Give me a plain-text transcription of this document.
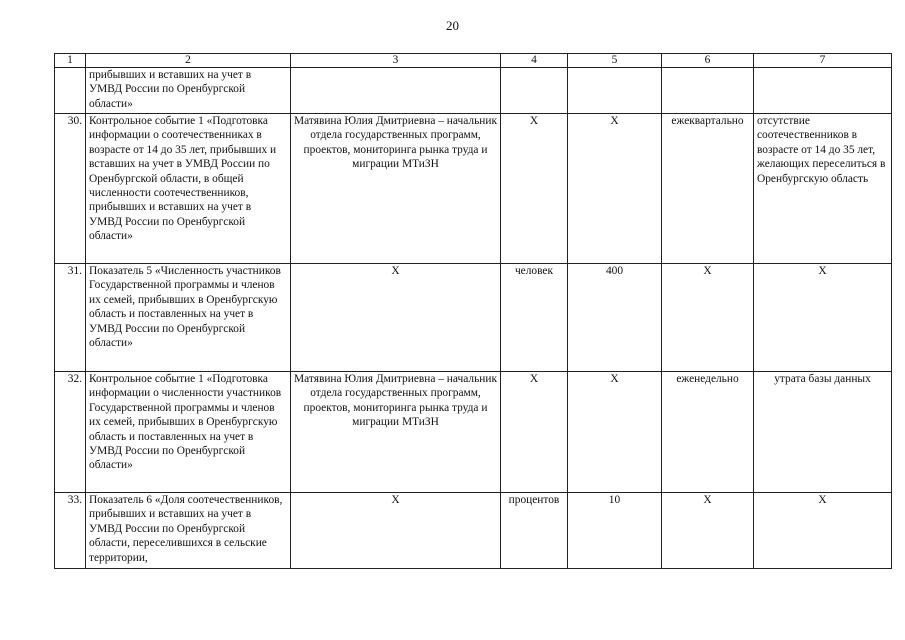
20
1	2	3	4	5	6	7
	прибывших и вставших на учет в УМВД России по Оренбургской области»					
30.	Контрольное событие 1 «Подготовка информации о соотечественниках в возрасте от 14 до 35 лет, прибывших и вставших на учет в УМВД России по Оренбургской области, в общей численности соотечественников, прибывших и вставших на учет в УМВД России по Оренбургской области»	Матявина Юлия Дмитриевна – начальник отдела государственных программ, проектов, мониторинга рынка труда и миграции МТиЗН	Х	Х	ежеквартально	отсутствие соотечественников в возрасте от 14 до 35 лет, желающих переселиться в Оренбургскую область
31.	Показатель 5 «Численность участников Государственной программы и членов их семей, прибывших в Оренбургскую область и поставленных на учет в УМВД России по Оренбургской области»	Х	человек	400	Х	Х
32.	Контрольное событие 1 «Подготовка информации о численности участников Государственной программы и членов их семей, прибывших в Оренбургскую область и поставленных на учет в УМВД России по Оренбургской области»	Матявина Юлия Дмитриевна – начальник отдела государственных программ, проектов, мониторинга рынка труда и миграции МТиЗН	Х	Х	еженедельно	утрата базы данных
33.	Показатель 6 «Доля соотечественников, прибывших и вставших на учет в УМВД России по Оренбургской области, переселившихся в сельские территории,	Х	процентов	10	Х	Х
